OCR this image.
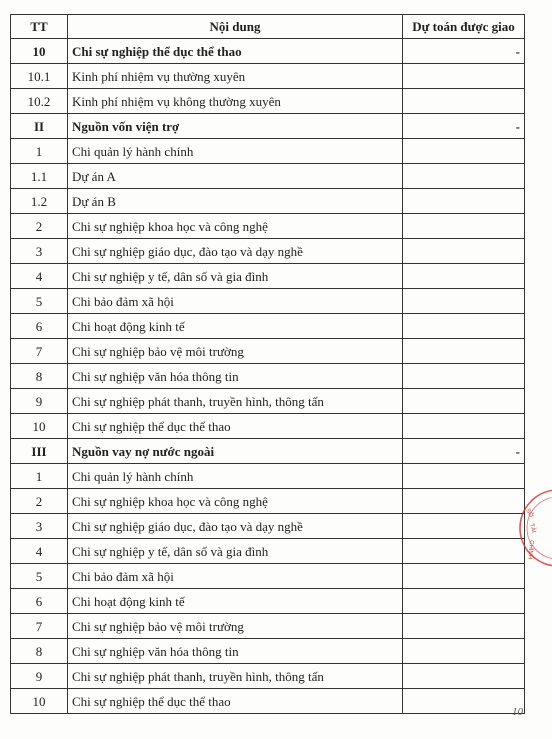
TT	Nội dung	Dự toán được giao
10	Chi sự nghiệp thể dục thể thao	-
10.1	Kinh phí nhiệm vụ thường xuyên	
10.2	Kinh phí nhiệm vụ không thường xuyên	
II	Nguồn vốn viện trợ	-
1	Chi quản lý hành chính	
1.1	Dự án A	
1.2	Dự án B	
2	Chi sự nghiệp khoa học và công nghệ	
3	Chi sự nghiệp giáo dục, đào tạo và dạy nghề	
4	Chi sự nghiệp y tế, dân số và gia đình	
5	Chi bảo đảm xã hội	
6	Chi hoạt động kinh tế	
7	Chi sự nghiệp bảo vệ môi trường	
8	Chi sự nghiệp văn hóa thông tin	
9	Chi sự nghiệp phát thanh, truyền hình, thông tấn	
10	Chi sự nghiệp thể dục thể thao	
III	Nguồn vay nợ nước ngoài	-
1	Chi quản lý hành chính	
2	Chi sự nghiệp khoa học và công nghệ	
3	Chi sự nghiệp giáo dục, đào tạo và dạy nghề	
4	Chi sự nghiệp y tế, dân số và gia đình	
5	Chi bảo đảm xã hội	
6	Chi hoạt động kinh tế	
7	Chi sự nghiệp bảo vệ môi trường	
8	Chi sự nghiệp văn hóa thông tin	
9	Chi sự nghiệp phát thanh, truyền hình, thông tấn	
10	Chi sự nghiệp thể dục thể thao	
SỞ
TÀI
CHÍNH
10
